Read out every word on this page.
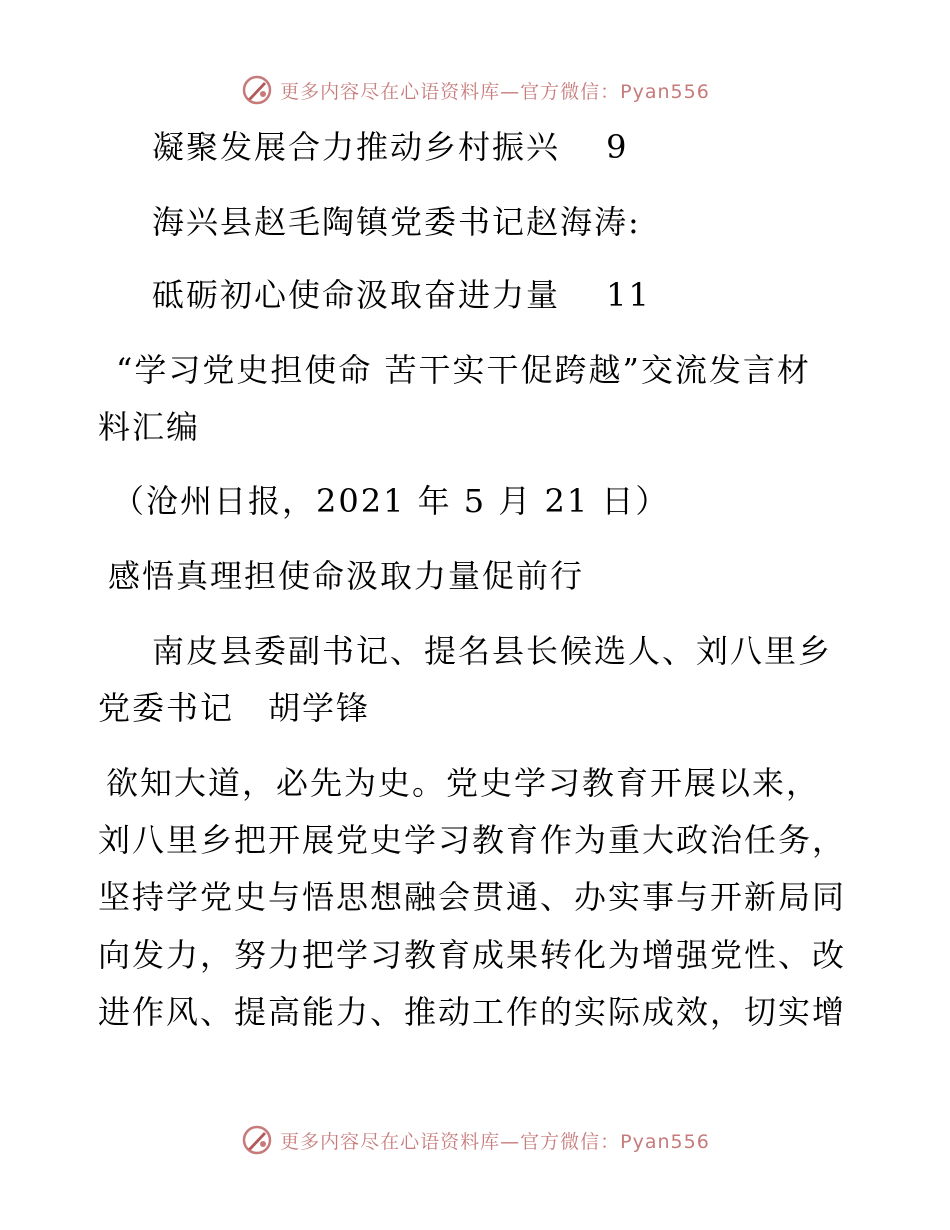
更多内容尽在心语资料库—官方微信：Pyan556
凝聚发展合力推动乡村振兴　 9
海兴县赵毛陶镇党委书记赵海涛:
砥砺初心使命汲取奋进力量　 11
“学习党史担使命 苦干实干促跨越”交流发言材
料汇编
（沧州日报，2021 年 5 月 21 日）
感悟真理担使命汲取力量促前行
南皮县委副书记、提名县长候选人、刘八里乡
党委书记　胡学锋
欲知大道，必先为史。党史学习教育开展以来，
刘八里乡把开展党史学习教育作为重大政治任务，
坚持学党史与悟思想融会贯通、办实事与开新局同
向发力，努力把学习教育成果转化为增强党性、改
进作风、提高能力、推动工作的实际成效，切实增
更多内容尽在心语资料库—官方微信：Pyan556
